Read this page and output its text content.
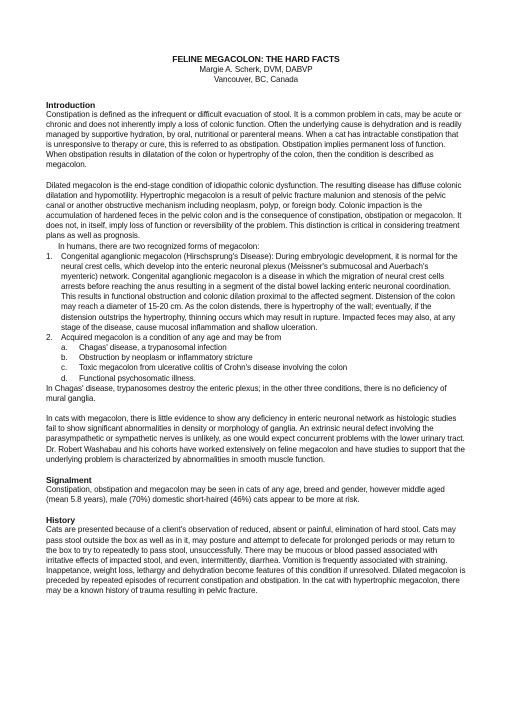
FELINE MEGACOLON: THE HARD FACTS
Margie A. Scherk, DVM, DABVP
Vancouver, BC, Canada
Introduction

Constipation is defined as the infrequent or difficult evacuation of stool. It is a common problem in cats, may be acute or chronic and does not inherently imply a loss of colonic function. Often the underlying cause is dehydration and is readily managed by supportive hydration, by oral, nutritional or parenteral means. When a cat has intractable constipation that is unresponsive to therapy or cure, this is referred to as obstipation. Obstipation implies permanent loss of function. When obstipation results in dilatation of the colon or hypertrophy of the colon, then the condition is described as megacolon.

Dilated megacolon is the end-stage condition of idiopathic colonic dysfunction. The resulting disease has diffuse colonic dilatation and hypomotility. Hypertrophic megacolon is a result of pelvic fracture malunion and stenosis of the pelvic canal or another obstructive mechanism including neoplasm, polyp, or foreign body. Colonic impaction is the accumulation of hardened feces in the pelvic colon and is the consequence of constipation, obstipation or megacolon. It does not, in itself, imply loss of function or reversibility of the problem. This distinction is critical in considering treatment plans as well as prognosis.

In humans, there are two recognized forms of megacolon:

1. Congenital aganglionic megacolon (Hirschsprung's Disease): During embryologic development, it is normal for the neural crest cells, which develop into the enteric neuronal plexus (Meissner's submucosal and Auerbach's myenteric) network. Congenital aganglionic megacolon is a disease in which the migration of neural crest cells arrests before reaching the anus resulting in a segment of the distal bowel lacking enteric neuronal coordination. This results in functional obstruction and colonic dilation proximal to the affected segment. Distension of the colon may reach a diameter of 15-20 cm. As the colon distends, there is hypertrophy of the wall; eventually, if the distension outstrips the hypertrophy, thinning occurs which may result in rupture. Impacted feces may also, at any stage of the disease, cause mucosal inflammation and shallow ulceration.
2. Acquired megacolon is a condition of any age and may be from
a. Chagas' disease, a trypanosomal infection
b. Obstruction by neoplasm or inflammatory stricture
c. Toxic megacolon from ulcerative colitis of Crohn's disease involving the colon
d. Functional psychosomatic illness.

In Chagas' disease, trypanosomes destroy the enteric plexus; in the other three conditions, there is no deficiency of mural ganglia.

In cats with megacolon, there is little evidence to show any deficiency in enteric neuronal network as histologic studies fail to show significant abnormalities in density or morphology of ganglia. An extrinsic neural defect involving the parasympathetic or sympathetic nerves is unlikely, as one would expect concurrent problems with the lower urinary tract. Dr. Robert Washabau and his cohorts have worked extensively on feline megacolon and have studies to support that the underlying problem is characterized by abnormalities in smooth muscle function.

Signalment

Constipation, obstipation and megacolon may be seen in cats of any age, breed and gender, however middle aged (mean 5.8 years), male (70%) domestic short-haired (46%) cats appear to be more at risk.

History

Cats are presented because of a client's observation of reduced, absent or painful, elimination of hard stool. Cats may pass stool outside the box as well as in it, may posture and attempt to defecate for prolonged periods or may return to the box to try to repeatedly to pass stool, unsuccessfully. There may be mucous or blood passed associated with irritative effects of impacted stool, and even, intermittently, diarrhea. Vomition is frequently associated with straining. Inappetance, weight loss, lethargy and dehydration become features of this condition if unresolved. Dilated megacolon is preceded by repeated episodes of recurrent constipation and obstipation. In the cat with hypertrophic megacolon, there may be a known history of trauma resulting in pelvic fracture.
